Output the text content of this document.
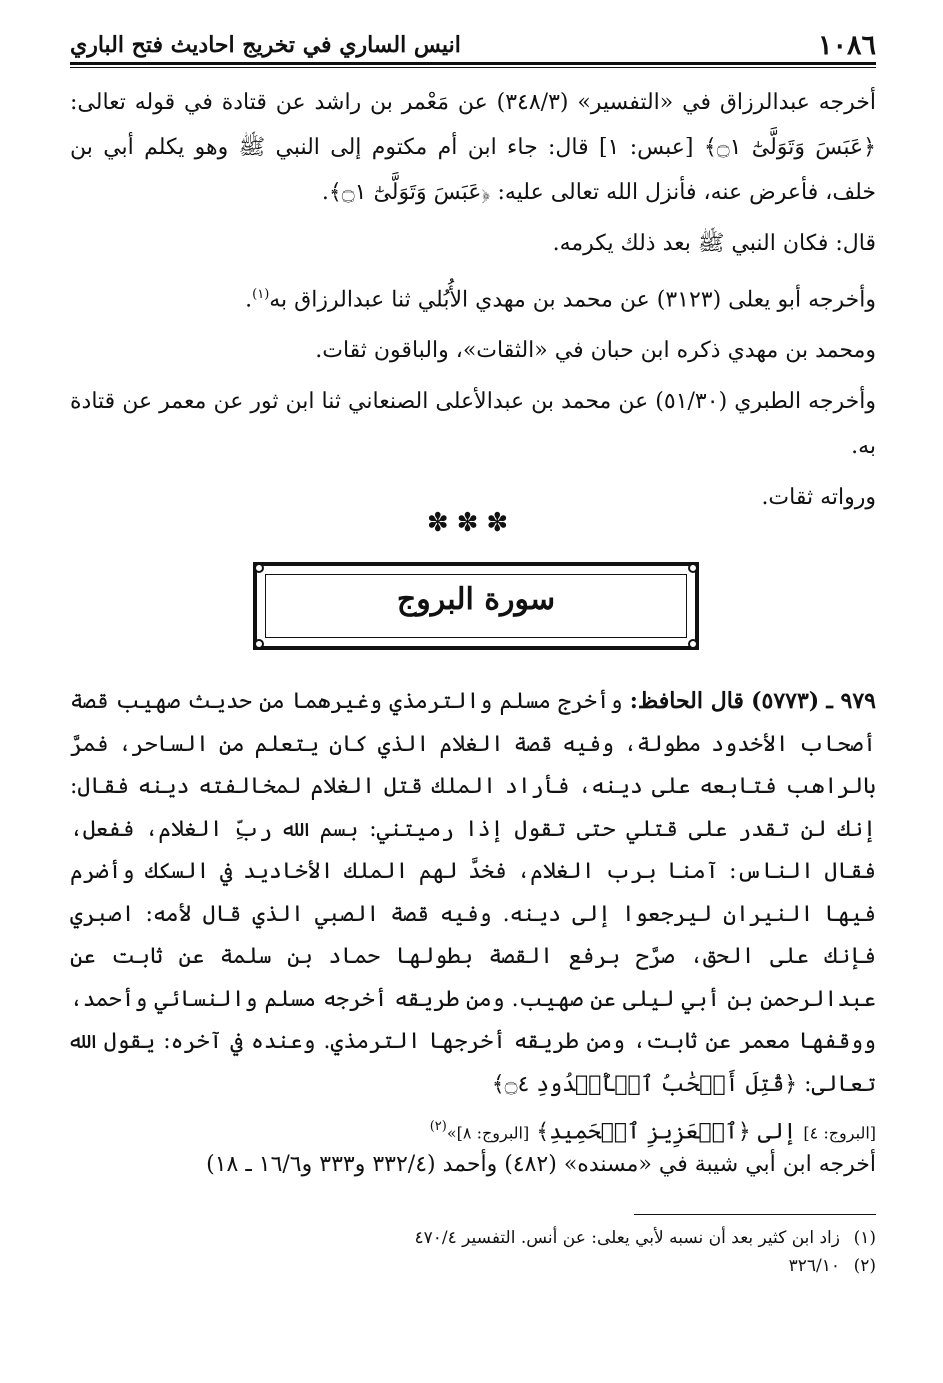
١٠٨٦
انيس الساري في تخريج احاديث فتح الباري

أخرجه عبدالرزاق في «التفسير» (٣٤٨/٣) عن مَعْمر بن راشد عن قتادة في قوله تعالى: ﴿عَبَسَ وَتَوَلَّىٰٓ ۝١﴾ [عبس: ١] قال: جاء ابن أم مكتوم إلى النبي ﷺ وهو يكلم أبي بن خلف، فأعرض عنه، فأنزل الله تعالى عليه: ﴿عَبَسَ وَتَوَلَّىٰٓ ۝١﴾.

قال: فكان النبي ﷺ بعد ذلك يكرمه.

وأخرجه أبو يعلى (٣١٢٣) عن محمد بن مهدي الأُبُلي ثنا عبدالرزاق به$^{(١)}$.

ومحمد بن مهدي ذكره ابن حبان في «الثقات»، والباقون ثقات.

وأخرجه الطبري (٥١/٣٠) عن محمد بن عبدالأعلى الصنعاني ثنا ابن ثور عن معمر عن قتادة به.

ورواته ثقات.

✽✽✽
سورة البروج
٩٧٩ ـ (٥٧٧٣) قال الحافظ: وأخرج مسلم والترمذي وغيرهما من حديث صهيب قصة أصحاب الأخدود مطولة، وفيه قصة الغلام الذي كان يتعلم من الساحر، فمرَّ بالراهب فتابعه على دينه، فأراد الملك قتل الغلام لمخالفته دينه فقال: إنك لن تقدر على قتلي حتى تقول إذا رميتني: بسم الله ربِّ الغلام، ففعل، فقال الناس: آمنا برب الغلام، فخدَّ لهم الملك الأخاديد في السكك وأضرم فيها النيران ليرجعوا إلى دينه. وفيه قصة الصبي الذي قال لأمه: اصبري فإنك على الحق، صرَّح برفع القصة بطولها حماد بن سلمة عن ثابت عن عبدالرحمن بن أبي ليلى عن صهيب. ومن طريقه أخرجه مسلم والنسائي وأحمد، ووقفها معمر عن ثابت، ومن طريقه أخرجها الترمذي. وعنده في آخره: يقول الله تعالى: ﴿قُتِلَ أَصۡحَٰبُ ٱلۡأُخۡدُودِ ۝٤﴾
[البروج: ٤] إلى ﴿ٱلۡعَزِيزِ ٱلۡحَمِيدِ﴾ [البروج: ٨]»$^{(٢)}$
أخرجه ابن أبي شيبة في «مسنده» (٤٨٢) وأحمد (٣٣٢/٤ و٣٣٣ و١٦/٦ ـ ١٨)

(١)زاد ابن كثير بعد أن نسبه لأبي يعلى: عن أنس. التفسير ٤٧٠/٤

(٢)٣٢٦/١٠
